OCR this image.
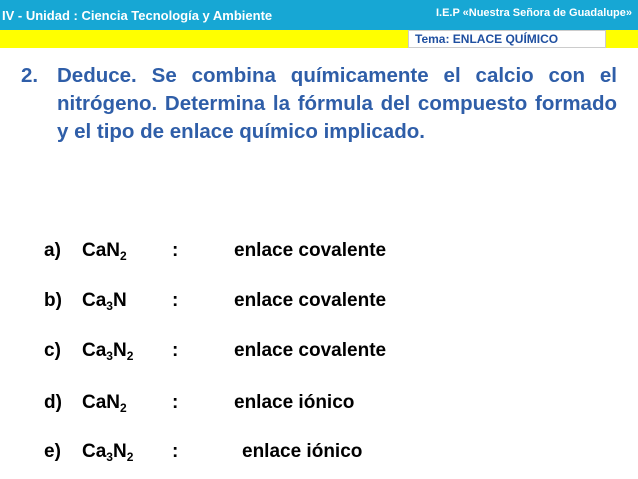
IV - Unidad : Ciencia Tecnología y Ambiente	I.E.P «Nuestra Señora de Guadalupe»
Tema: ENLACE QUÍMICO
2. Deduce. Se combina químicamente el calcio con el nitrógeno. Determina la fórmula del compuesto formado y el tipo de enlace químico implicado.
a) CaN$_2$ :	enlace covalente
b) $Ca_3N$ :	enlace covalente
c) $Ca_3N_2$ :	enlace covalente
d) CaN$_2$ :	enlace iónico
e) $Ca_3N_2$ :	enlace iónico
